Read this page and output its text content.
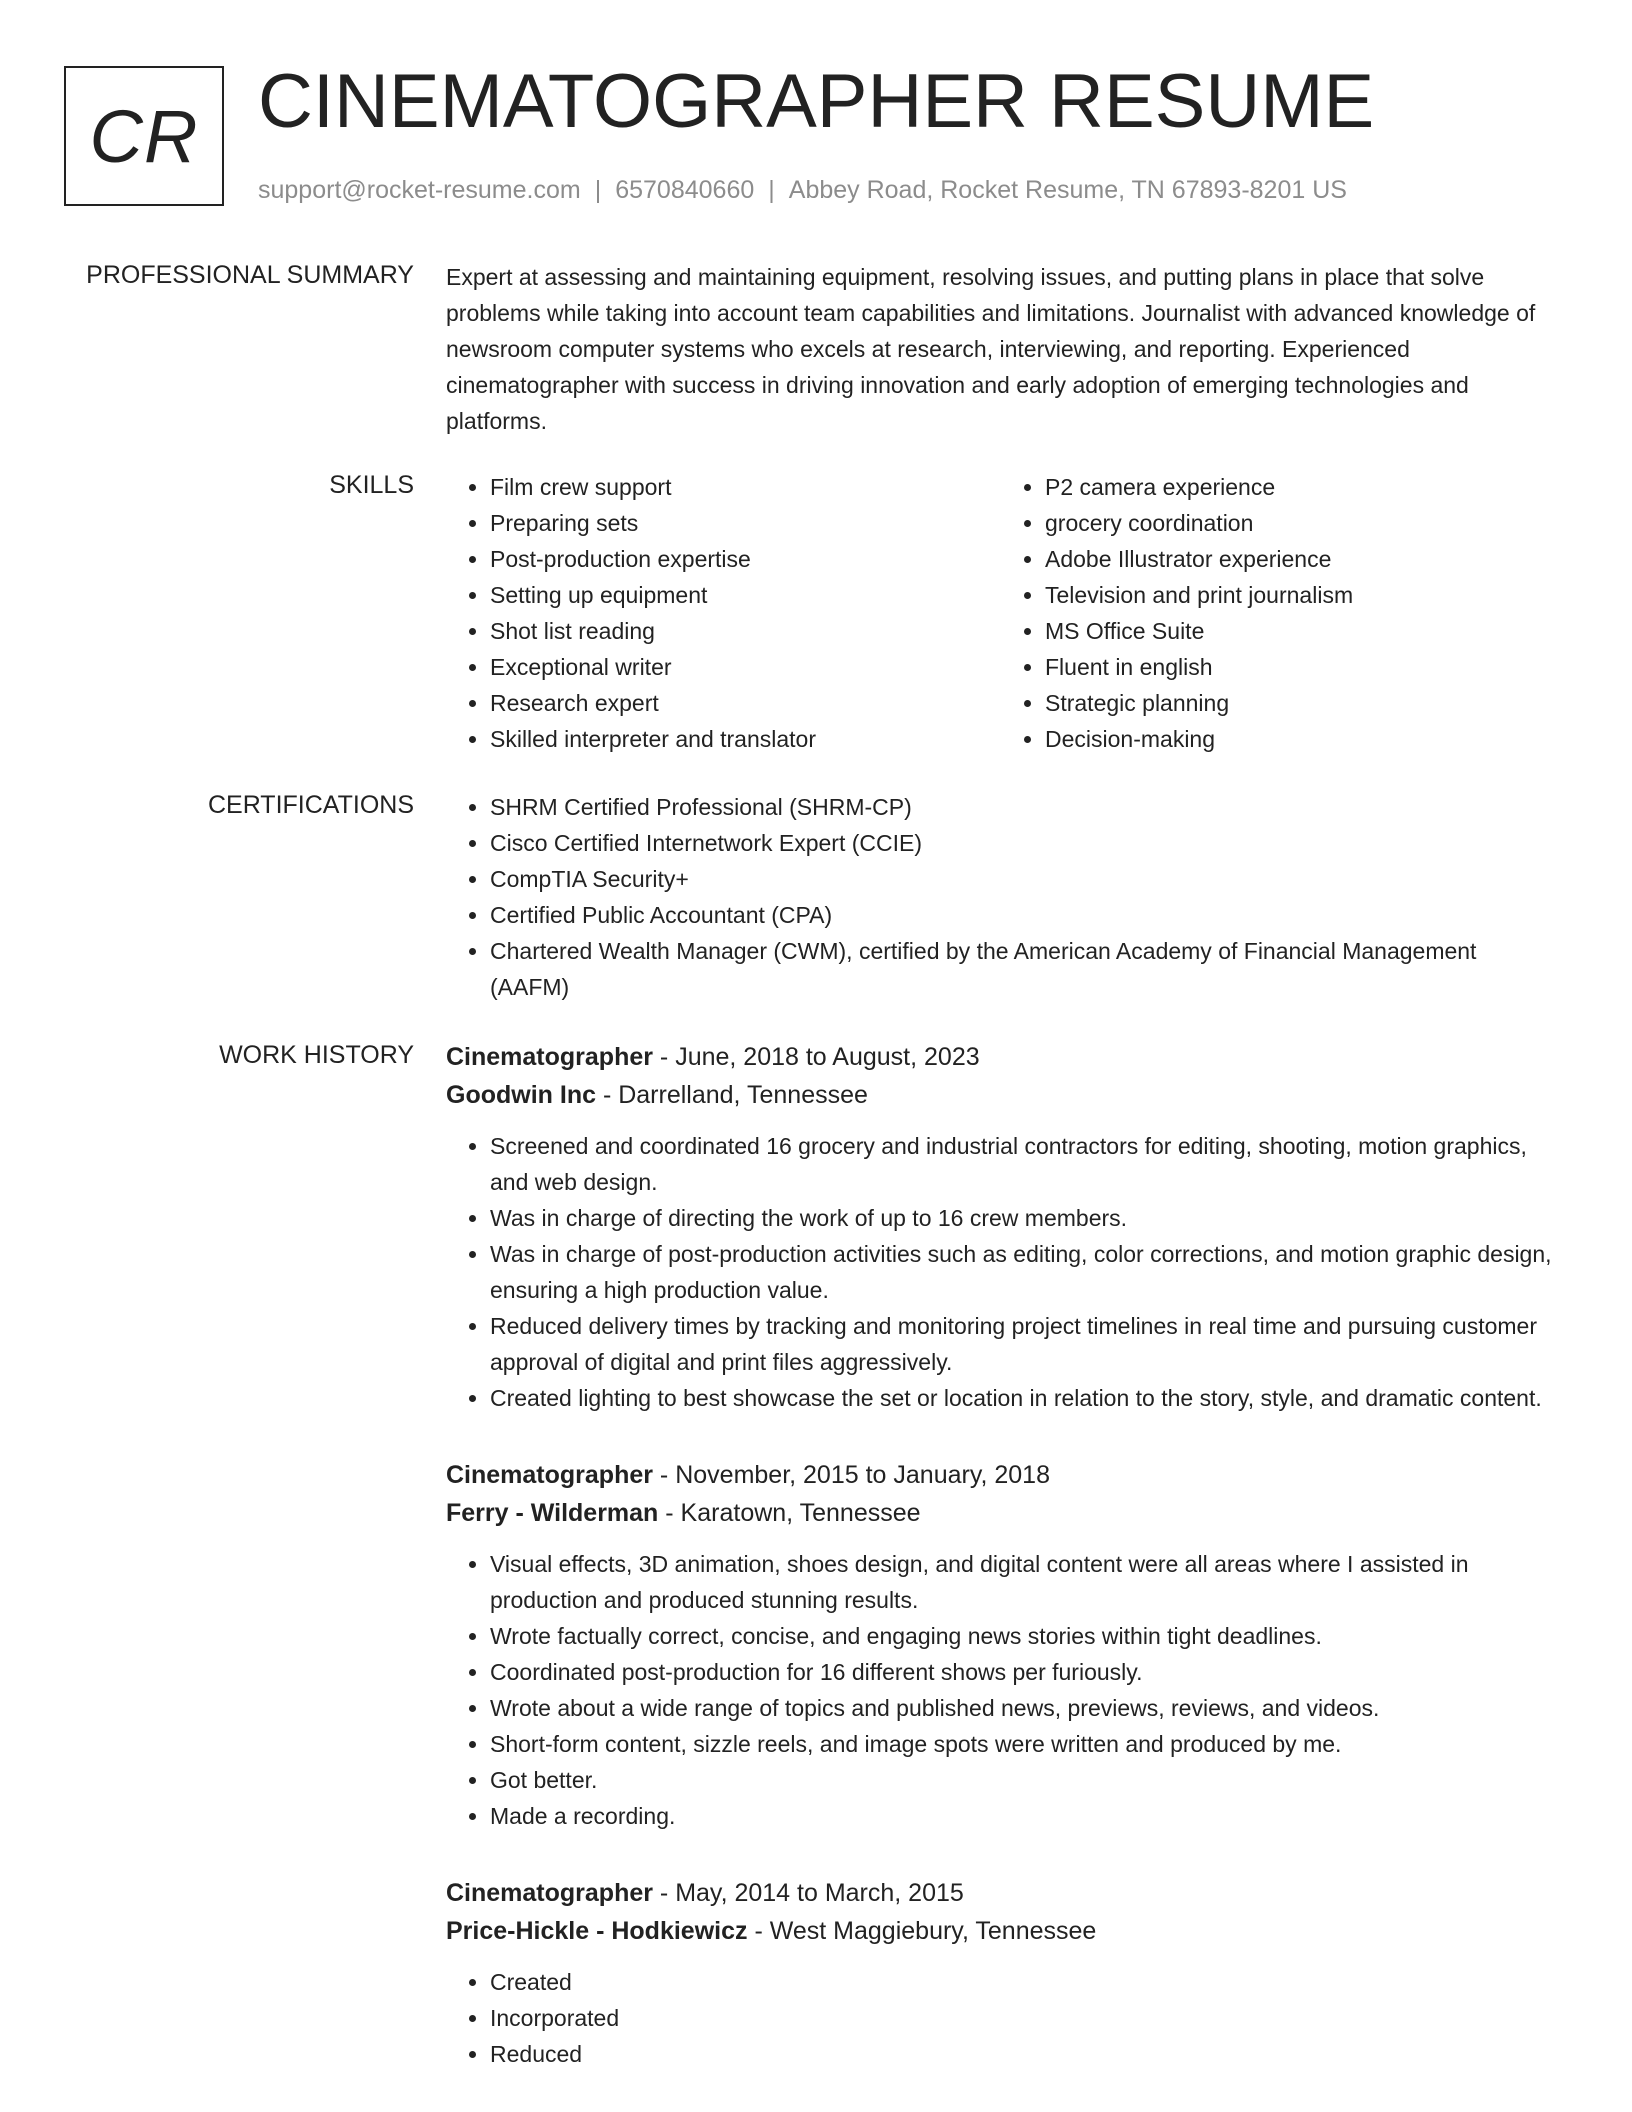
CR CINEMATOGRAPHER RESUME
support@rocket-resume.com | 6570840660 | Abbey Road, Rocket Resume, TN 67893-8201 US
PROFESSIONAL SUMMARY Expert at assessing and maintaining equipment, resolving issues, and putting plans in place that solve problems while taking into account team capabilities and limitations. Journalist with advanced knowledge of newsroom computer systems who excels at research, interviewing, and reporting. Experienced cinematographer with success in driving innovation and early adoption of emerging technologies and platforms.
SKILLS	• Film crew support
• Preparing sets
• Post-production expertise
• Setting up equipment
• Shot list reading
• Exceptional writer
• Research expert
• Skilled interpreter and translator
• P2 camera experience
• grocery coordination
• Adobe Illustrator experience
• Television and print journalism
• MS Office Suite
• Fluent in english
• Strategic planning
• Decision-making
CERTIFICATIONS	• SHRM Certified Professional (SHRM-CP)
• Cisco Certified Internetwork Expert (CCIE)
• CompTIA Security+
• Certified Public Accountant (CPA)
• Chartered Wealth Manager (CWM), certified by the American Academy of Financial Management (AAFM)
WORK HISTORY Cinematographer - June, 2018 to August, 2023
Goodwin Inc - Darrelland, Tennessee
• Screened and coordinated 16 grocery and industrial contractors for editing, shooting, motion graphics, and web design.
• Was in charge of directing the work of up to 16 crew members.
• Was in charge of post-production activities such as editing, color corrections, and motion graphic design, ensuring a high production value.
• Reduced delivery times by tracking and monitoring project timelines in real time and pursuing customer approval of digital and print files aggressively.
• Created lighting to best showcase the set or location in relation to the story, style, and dramatic content.
Cinematographer - November, 2015 to January, 2018
Ferry - Wilderman - Karatown, Tennessee
• Visual effects, 3D animation, shoes design, and digital content were all areas where I assisted in production and produced stunning results.
• Wrote factually correct, concise, and engaging news stories within tight deadlines.
• Coordinated post-production for 16 different shows per furiously.
• Wrote about a wide range of topics and published news, previews, reviews, and videos.
• Short-form content, sizzle reels, and image spots were written and produced by me.
• Got better.
• Made a recording.
Cinematographer - May, 2014 to March, 2015
Price-Hickle - Hodkiewicz - West Maggiebury, Tennessee
• Created
• Incorporated
• Reduced
